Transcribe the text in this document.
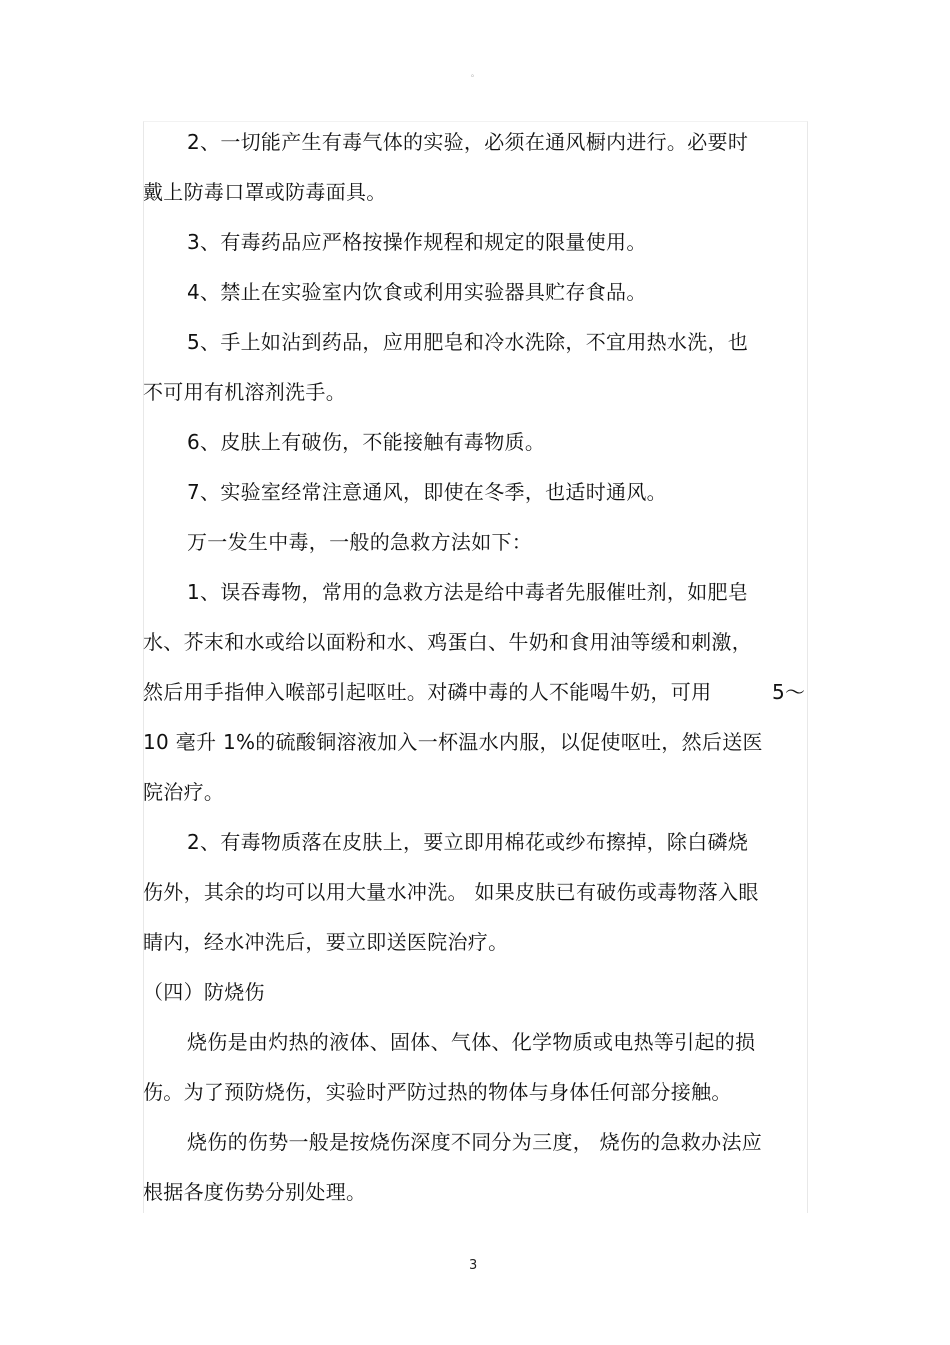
。
2、一切能产生有毒气体的实验，必须在通风橱内进行。必要时
戴上防毒口罩或防毒面具。
3、有毒药品应严格按操作规程和规定的限量使用。
4、禁止在实验室内饮食或利用实验器具贮存食品。
5、手上如沾到药品，应用肥皂和冷水洗除，不宜用热水洗，也
不可用有机溶剂洗手。
6、皮肤上有破伤，不能接触有毒物质。
7、实验室经常注意通风，即使在冬季，也适时通风。
万一发生中毒，一般的急救方法如下：
1、误吞毒物，常用的急救方法是给中毒者先服催吐剂，如肥皂
水、芥末和水或给以面粉和水、鸡蛋白、牛奶和食用油等缓和刺激，
然后用手指伸入喉部引起呕吐。对磷中毒的人不能喝牛奶，可用	5～
10 毫升 1%的硫酸铜溶液加入一杯温水内服，以促使呕吐，然后送医
院治疗。
2、有毒物质落在皮肤上，要立即用棉花或纱布擦掉，除白磷烧
伤外，其余的均可以用大量水冲洗。 如果皮肤已有破伤或毒物落入眼
睛内，经水冲洗后，要立即送医院治疗。
（四）防烧伤
烧伤是由灼热的液体、固体、气体、化学物质或电热等引起的损
伤。为了预防烧伤，实验时严防过热的物体与身体任何部分接触。
烧伤的伤势一般是按烧伤深度不同分为三度， 烧伤的急救办法应
根据各度伤势分别处理。
3
